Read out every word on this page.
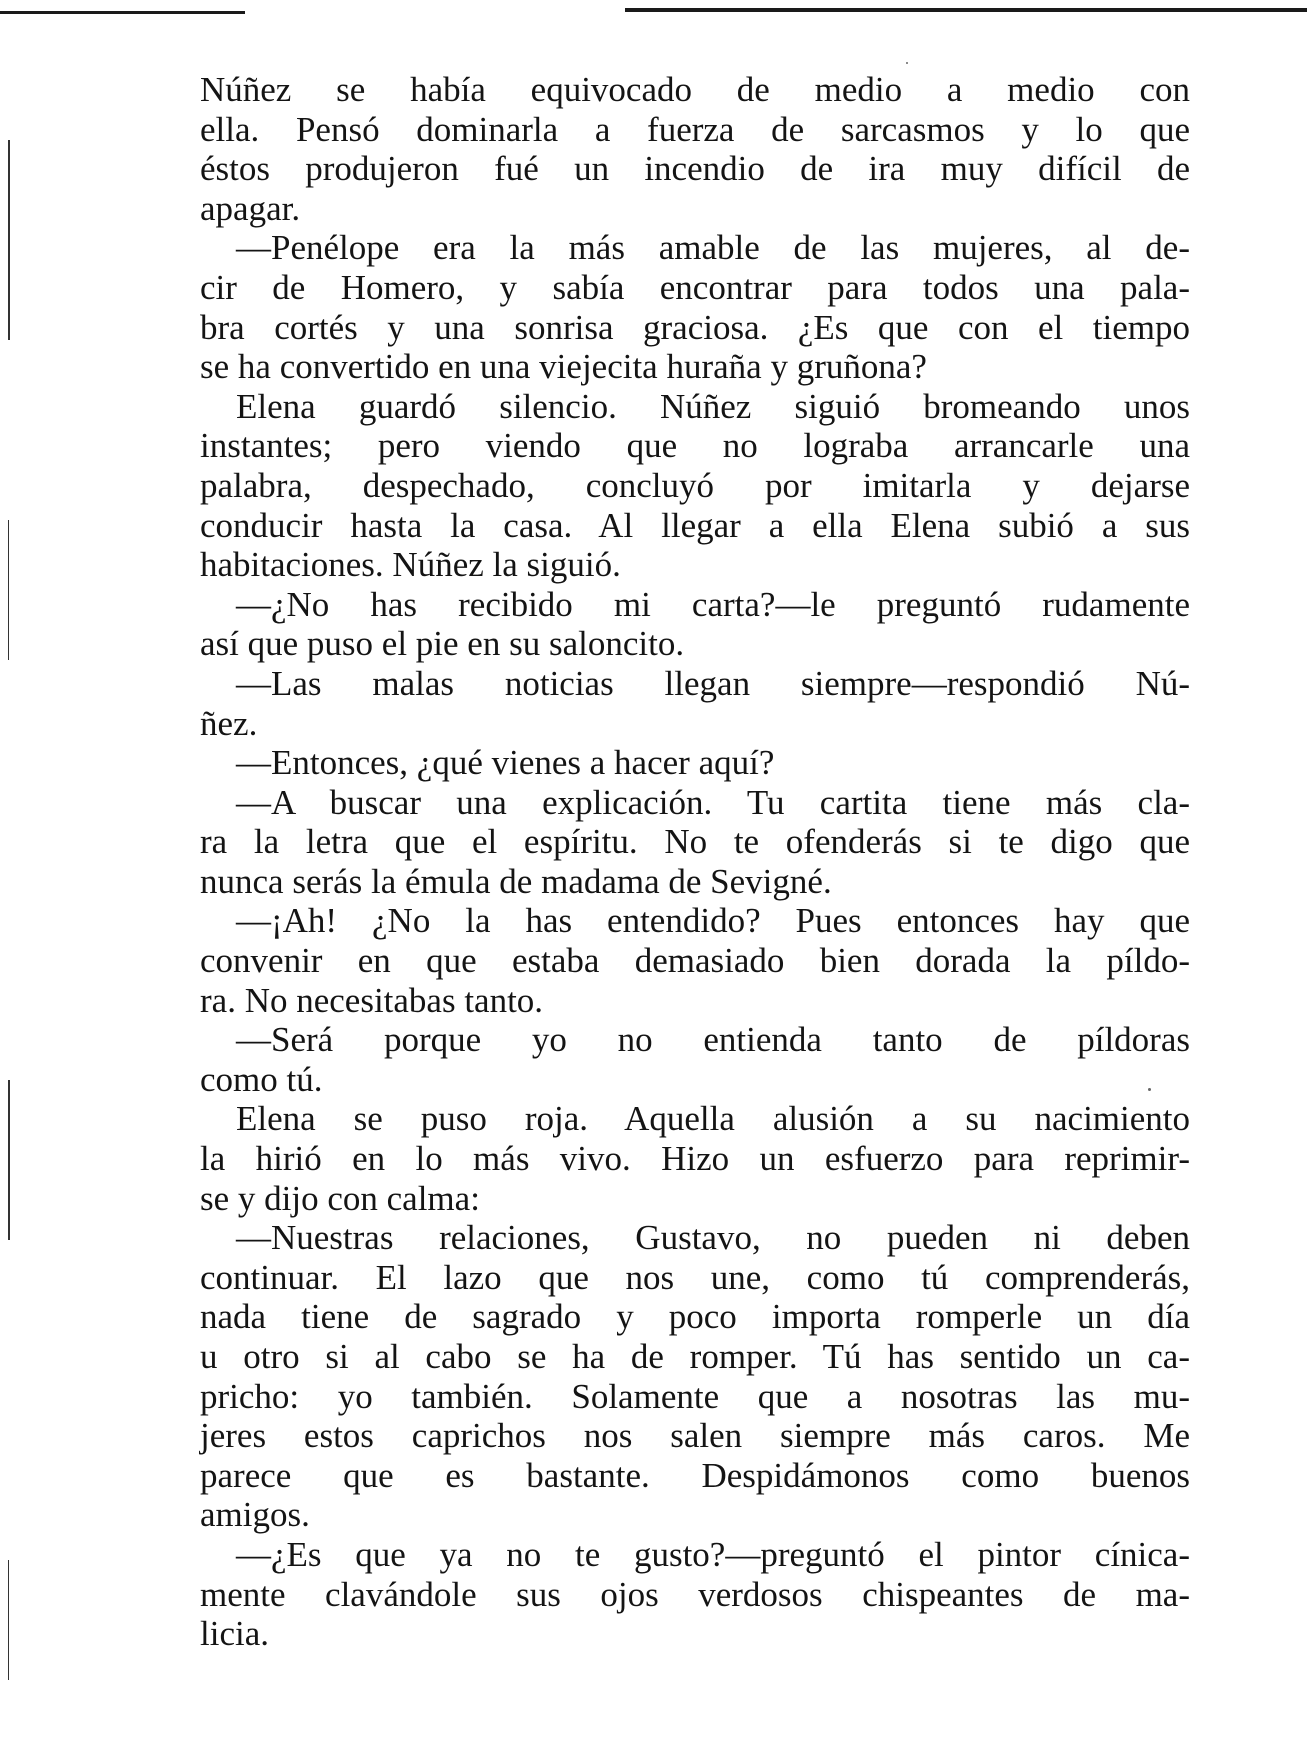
Núñez se había equivocado de medio a medio con
ella. Pensó dominarla a fuerza de sarcasmos y lo que
éstos produjeron fué un incendio de ira muy difícil de
apagar.
—Penélope era la más amable de las mujeres, al de-
cir de Homero, y sabía encontrar para todos una pala-
bra cortés y una sonrisa graciosa. ¿Es que con el tiempo
se ha convertido en una viejecita huraña y gruñona?
Elena guardó silencio. Núñez siguió bromeando unos
instantes; pero viendo que no lograba arrancarle una
palabra, despechado, concluyó por imitarla y dejarse
conducir hasta la casa. Al llegar a ella Elena subió a sus
habitaciones. Núñez la siguió.
—¿No has recibido mi carta?—le preguntó rudamente
así que puso el pie en su saloncito.
—Las malas noticias llegan siempre—respondió Nú-
ñez.
—Entonces, ¿qué vienes a hacer aquí?
—A buscar una explicación. Tu cartita tiene más cla-
ra la letra que el espíritu. No te ofenderás si te digo que
nunca serás la émula de madama de Sevigné.
—¡Ah! ¿No la has entendido? Pues entonces hay que
convenir en que estaba demasiado bien dorada la píldo-
ra. No necesitabas tanto.
—Será porque yo no entienda tanto de píldoras
como tú.
Elena se puso roja. Aquella alusión a su nacimiento
la hirió en lo más vivo. Hizo un esfuerzo para reprimir-
se y dijo con calma:
—Nuestras relaciones, Gustavo, no pueden ni deben
continuar. El lazo que nos une, como tú comprenderás,
nada tiene de sagrado y poco importa romperle un día
u otro si al cabo se ha de romper. Tú has sentido un ca-
pricho: yo también. Solamente que a nosotras las mu-
jeres estos caprichos nos salen siempre más caros. Me
parece que es bastante. Despidámonos como buenos
amigos.
—¿Es que ya no te gusto?—preguntó el pintor cínica-
mente clavándole sus ojos verdosos chispeantes de ma-
licia.
